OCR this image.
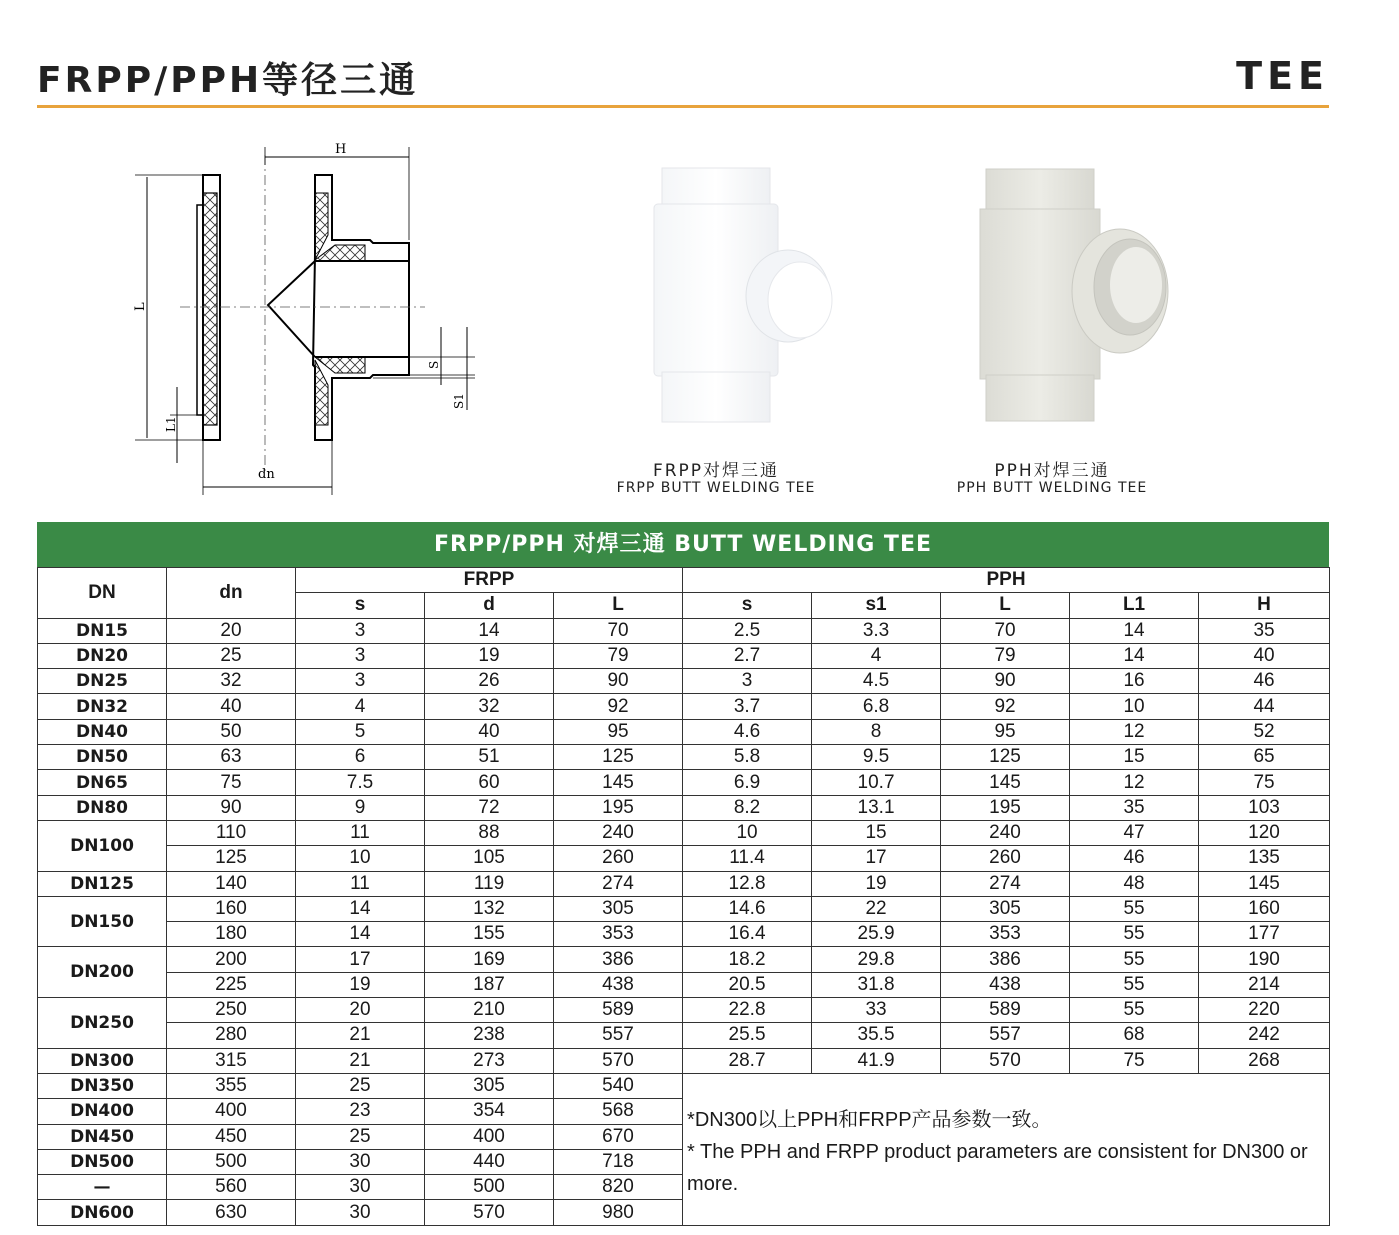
FRPP/PPH等径三通	TEE
H
L
L1
dn
S
S1
FRPP对焊三通
FRPP BUTT WELDING TEE
PPH对焊三通
PPH BUTT WELDING TEE
FRPP/PPH 对焊三通 BUTT WELDING TEE
DN	dn	FRPP			PPH				
		s	d	L	s	s1	L	L1	H
DN15	20	3	14	70	2.5	3.3	70	14	35
DN20	25	3	19	79	2.7	4	79	14	40
DN25	32	3	26	90	3	4.5	90	16	46
DN32	40	4	32	92	3.7	6.8	92	10	44
DN40	50	5	40	95	4.6	8	95	12	52
DN50	63	6	51	125	5.8	9.5	125	15	65
DN65	75	7.5	60	145	6.9	10.7	145	12	75
DN80	90	9	72	195	8.2	13.1	195	35	103
DN100	110	11	88	240	10	15	240	47	120
	125	10	105	260	11.4	17	260	46	135
DN125	140	11	119	274	12.8	19	274	48	145
DN150	160	14	132	305	14.6	22	305	55	160
	180	14	155	353	16.4	25.9	353	55	177
DN200	200	17	169	386	18.2	29.8	386	55	190
	225	19	187	438	20.5	31.8	438	55	214
DN250	250	20	210	589	22.8	33	589	55	220
	280	21	238	557	25.5	35.5	557	68	242
DN300	315	21	273	570	28.7	41.9	570	75	268
DN350	355	25	305	540	*DN300以上PPH和FRPP产品参数一致。
* The PPH and FRPP product parameters are consistent for DN300 or more.				

DN400	400	23	354	568					
DN450	450	25	400	670					
DN500	500	30	440	718					
—	560	30	500	820					
DN600	630	30	570	980					
